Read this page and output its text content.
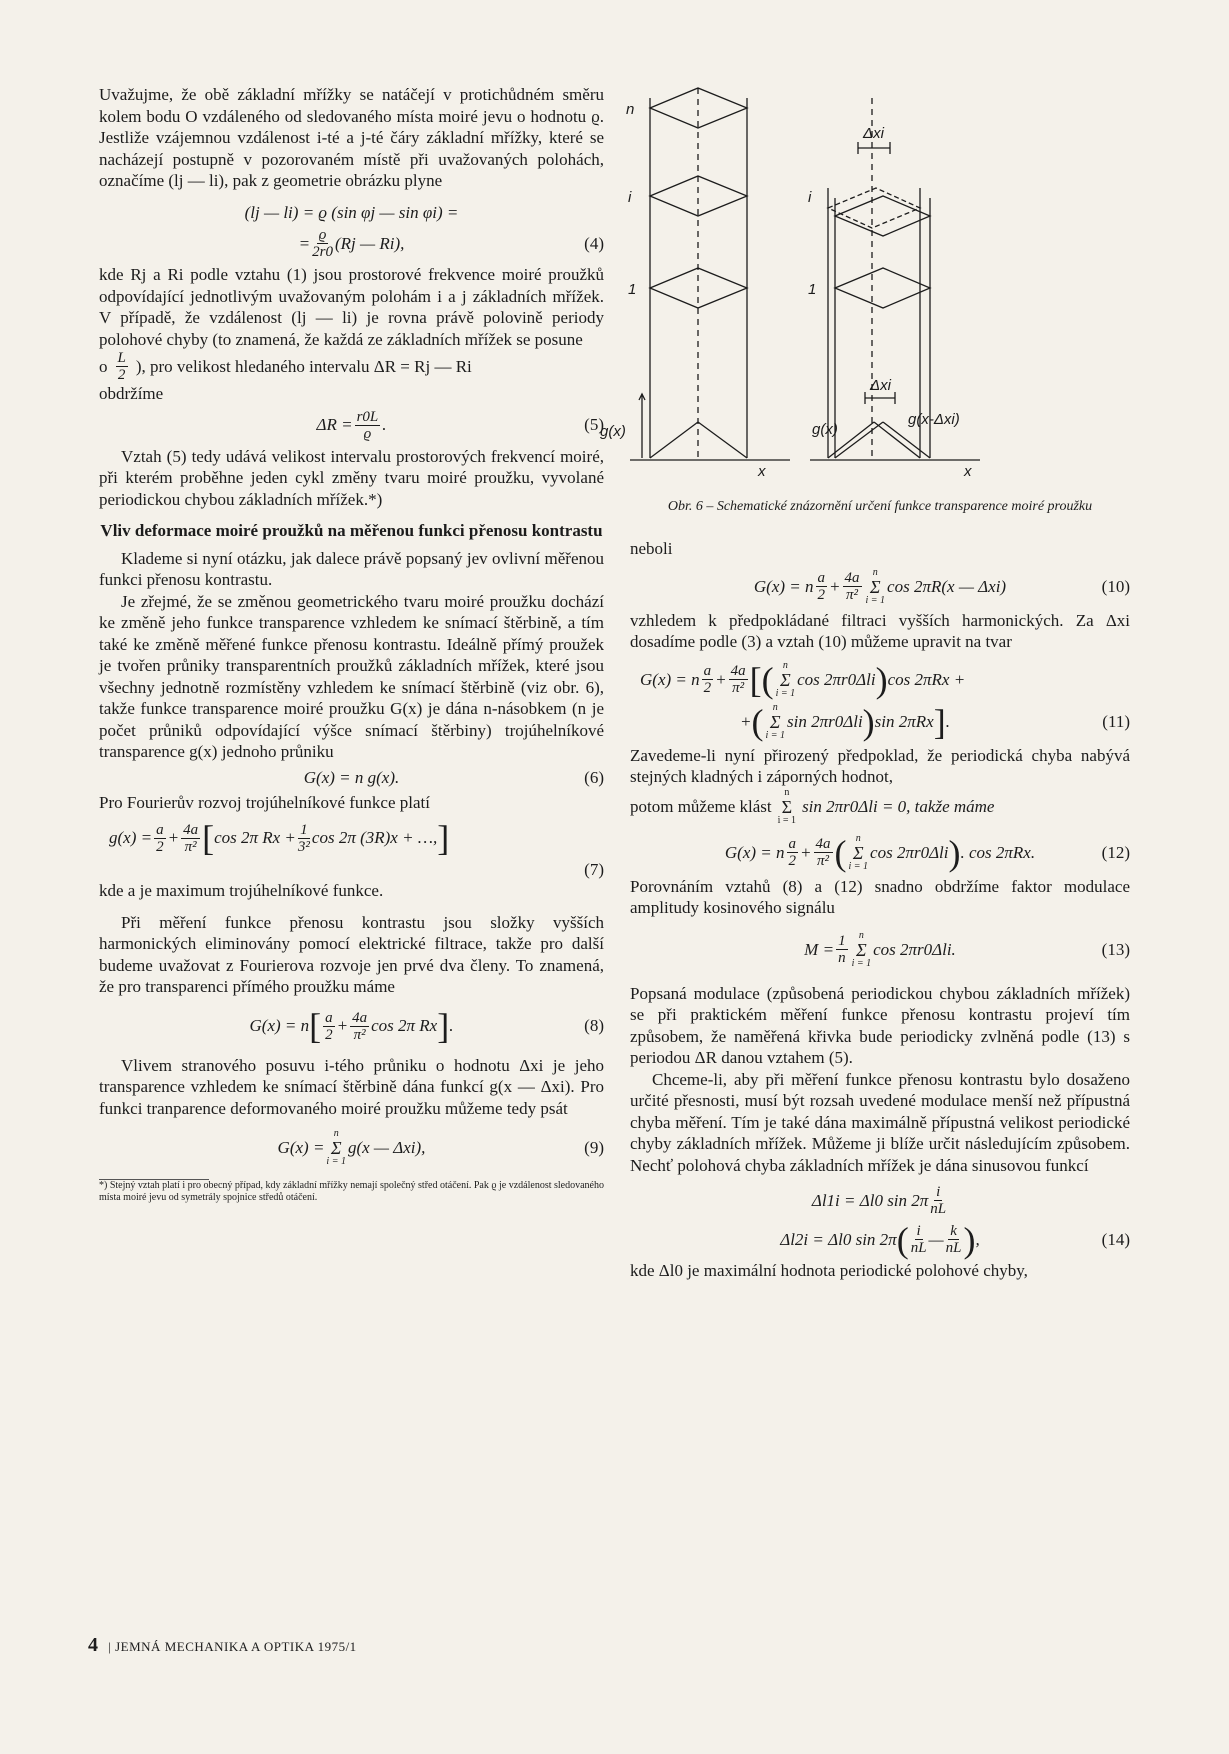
Uvažujme, že obě základní mřížky se natáčejí v protichůdném směru kolem bodu O vzdáleného od sledovaného místa moiré jevu o hodnotu ϱ. Jestliže vzájemnou vzdálenost i-té a j-té čáry základní mřížky, které se nacházejí postupně v pozorovaném místě při uvažovaných polohách, označíme (lj — li), pak z geometrie obrázku plyne

(lj — li) = ϱ (sin φj — sin φi) =
= $\frac{ϱ}{2r0} (Rj$ — Ri),	(4)

kde Rj a Ri podle vztahu (1) jsou prostorové frekvence moiré proužků odpovídající jednotlivým uvažovaným polohám i a j základních mřížek. V případě, že vzdálenost (lj — li) je rovna právě polovině periody polohové chyby (to znamená, že každá ze základních mřížek se posune

o $\frac{L}{2}$ ), pro velikost hledaného intervalu ΔR = Rj — Ri

obdržíme

$\Delta R = \frac{r0L}{ϱ}$ .	(5)

Vztah (5) tedy udává velikost intervalu prostorových frekvencí moiré, při kterém proběhne jeden cykl změny tvaru moiré proužku, vyvolané periodickou chybou základních mřížek.*)

Vliv deformace moiré proužků na měřenou funkci přenosu kontrastu

Klademe si nyní otázku, jak dalece právě popsaný jev ovlivní měřenou funkci přenosu kontrastu.

Je zřejmé, že se změnou geometrického tvaru moiré proužku dochází ke změně jeho funkce transparence vzhledem ke snímací štěrbině, a tím také ke změně měřené funkce přenosu kontrastu. Ideálně přímý proužek je tvořen průniky transparentních proužků základních mřížek, které jsou všechny jednotně rozmístěny vzhledem ke snímací štěrbině (viz obr. 6), takže funkce transparence moiré proužku G(x) je dána n-násobkem (n je počet průniků odpovídající výšce snímací štěrbiny) trojúhelníkové transparence g(x) jednoho průniku

G(x) = n g(x).	(6)

Pro Fourierův rozvoj trojúhelníkové funkce platí

$g(x) = \frac{a}{2} + \frac{4a}{\text{π²}}$ [ cos 2π $Rx + \frac{1}{\text{3²}}$ cos 2π (3R)x + …, ]
(7)

kde a je maximum trojúhelníkové funkce.

Při měření funkce přenosu kontrastu jsou složky vyšších harmonických eliminovány pomocí elektrické filtrace, takže pro další budeme uvažovat z Fourierova rozvoje jen prvé dva členy. To znamená, že pro transparenci přímého proužku máme

G(x) = n [ $\frac{a}{2} + \frac{4a}{\text{π²}}$ cos 2π Rx ] .	(8)

Vlivem stranového posuvu i-tého průniku o hodnotu Δxi je jeho transparence vzhledem ke snímací štěrbině dána funkcí g(x — Δxi). Pro funkci tranparence deformovaného moiré proužku můžeme tedy psát

G(x) =
n
Σ
i = 1
g(x — Δxi),	(9)

*) Stejný vztah platí i pro obecný případ, kdy základní mřížky nemají společný střed otáčení. Pak ϱ je vzdálenost sledovaného místa moiré jevu od symetrály spojnice středů otáčení.

n
i
1
i
1
Δxi
Δxi
g(x)	g(x)
g(x-Δxi)
x	x
Obr. 6 – Schematické znázornění určení funkce transparence moiré proužku

neboli

G(x) = n $\frac{a}{2} + \frac{4a}{\text{π²}}$ n
Σ
i = 1
cos 2πR(x — Δxi)	(10)

vzhledem k předpokládané filtraci vyšších harmonických. Za Δxi dosadíme podle (3) a vztah (10) můžeme upravit na tvar

G(x) = n $\frac{a}{2} + \frac{4a}{\text{π²}}$ [( n
Σ
i = 1
cos 2πr0Δli ) cos 2πRx +
+ ( n
Σ
i = 1
sin 2πr0Δli ) sin 2πRx ] .	(11)

Zavedeme-li nyní přirozený předpoklad, že periodická chyba nabývá stejných kladných i záporných hodnot,

potom můžeme klást
n
Σ
i = 1
sin 2πr0Δli = 0, takže máme
G(x) = n $\frac{a}{2} + \frac{4a}{\text{π²}}$ ( n
Σ
i = 1
cos 2πr0Δli ) . cos 2πRx.	(12)

Porovnáním vztahů (8) a (12) snadno obdržíme faktor modulace amplitudy kosinového signálu

$M = \frac{1}{n}$ n
Σ
i = 1
cos 2πr0Δli.	(13)

Popsaná modulace (způsobená periodickou chybou základních mřížek) se při praktickém měření funkce přenosu kontrastu projeví tím způsobem, že naměřená křivka bude periodicky zvlněná podle (13) s periodou ΔR danou vztahem (5).

Chceme-li, aby při měření funkce přenosu kontrastu bylo dosaženo určité přesnosti, musí být rozsah uvedené modulace menší než přípustná chyba měření. Tím je také dána maximálně přípustná velikost periodické chyby základních mřížek. Můžeme ji blíže určit následujícím způsobem. Nechť polohová chyba základních mřížek je dána sinusovou funkcí

Δl1i = Δl0 $\sin 2\pi \frac{i}{nL}$
Δl2i = Δl0 sin 2π ( $\frac{i}{nL}$ — $\frac{k}{nL}$ ) ,	(14)

kde Δl0 je maximální hodnota periodické polohové chyby,

4 | JEMNÁ MECHANIKA A OPTIKA 1975/1
